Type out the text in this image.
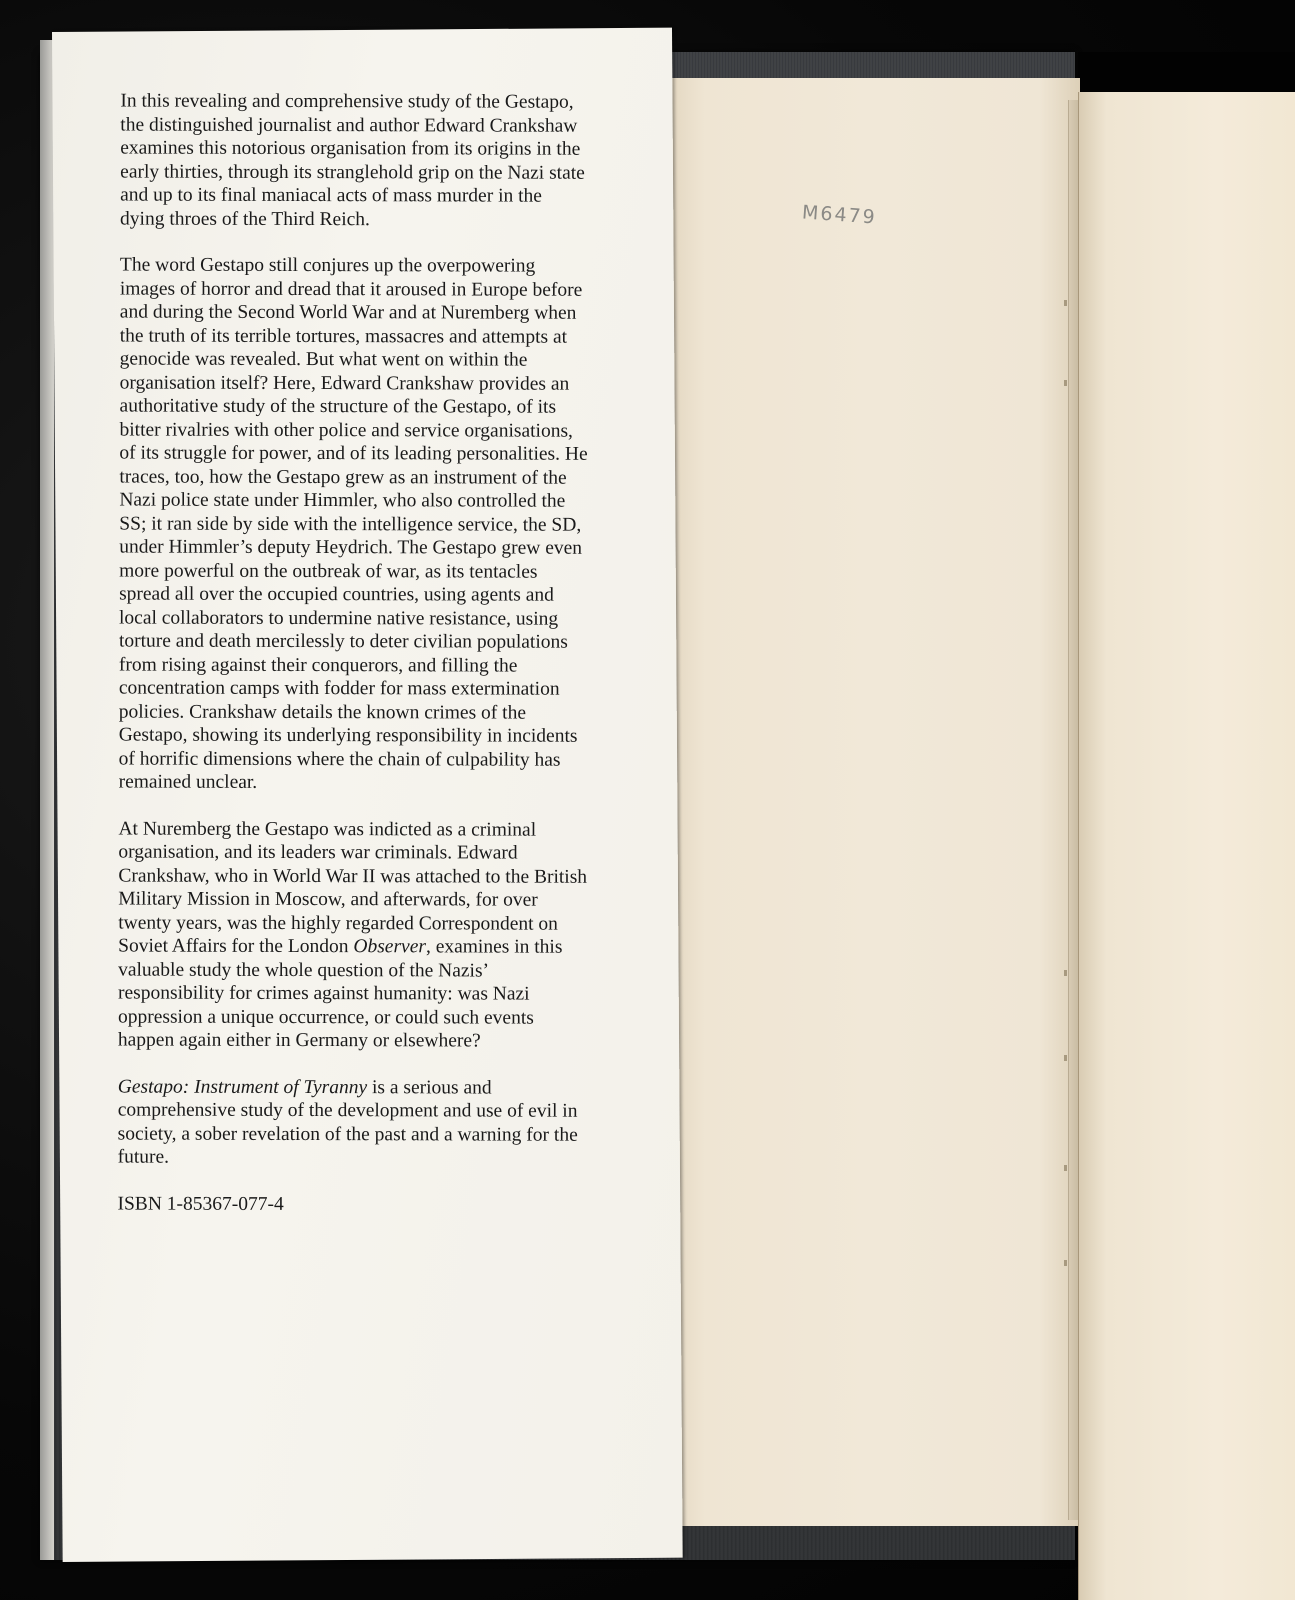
M6479

In this revealing and comprehensive study of the Gestapo, the distinguished journalist and author Edward Crankshaw examines this notorious organisation from its origins in the early thirties, through its stranglehold grip on the Nazi state and up to its final maniacal acts of mass murder in the dying throes of the Third Reich.

The word Gestapo still conjures up the overpowering images of horror and dread that it aroused in Europe before and during the Second World War and at Nuremberg when the truth of its terrible tortures, massacres and attempts at genocide was revealed. But what went on within the organisation itself? Here, Edward Crankshaw provides an authoritative study of the structure of the Gestapo, of its bitter rivalries with other police and service organisations, of its struggle for power, and of its leading personalities. He traces, too, how the Gestapo grew as an instrument of the Nazi police state under Himmler, who also controlled the SS; it ran side by side with the intelligence service, the SD, under Himmler’s deputy Heydrich. The Gestapo grew even more powerful on the outbreak of war, as its tentacles spread all over the occupied countries, using agents and local collaborators to undermine native resistance, using torture and death mercilessly to deter civilian populations from rising against their conquerors, and filling the concentration camps with fodder for mass extermination policies. Crankshaw details the known crimes of the Gestapo, showing its underlying responsibility in incidents of horrific dimensions where the chain of culpability has remained unclear.

At Nuremberg the Gestapo was indicted as a criminal organisation, and its leaders war criminals. Edward Crankshaw, who in World War II was attached to the British Military Mission in Moscow, and afterwards, for over twenty years, was the highly regarded Correspondent on Soviet Affairs for the London Observer, examines in this valuable study the whole question of the Nazis’ responsibility for crimes against humanity: was Nazi oppression a unique occurrence, or could such events happen again either in Germany or elsewhere?

Gestapo: Instrument of Tyranny is a serious and comprehensive study of the development and use of evil in society, a sober revelation of the past and a warning for the future.

ISBN 1-85367-077-4
